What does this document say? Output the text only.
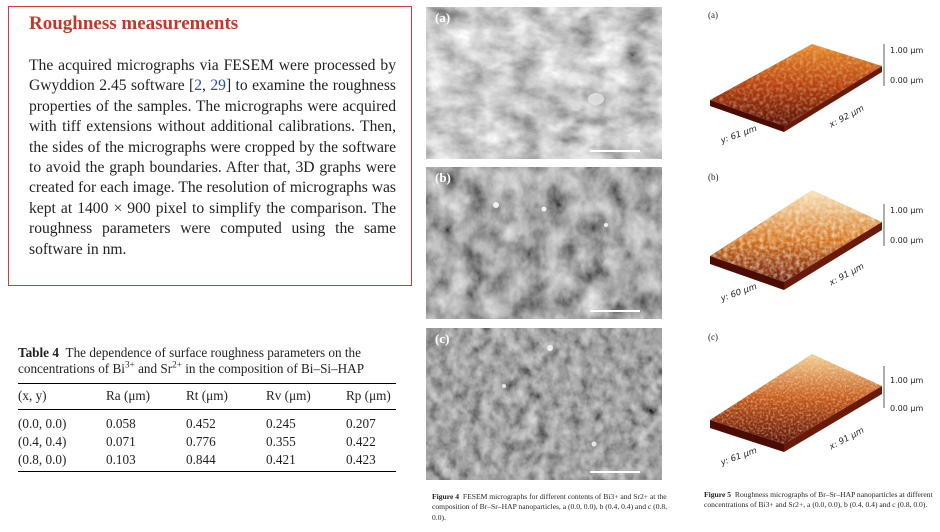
Roughness measurements
The acquired micrographs via FESEM were processed by Gwyddion 2.45 software [2, 29] to examine the roughness properties of the samples. The micrographs were acquired with tiff extensions without additional calibrations. Then, the sides of the micrographs were cropped by the software to avoid the graph boundaries. After that, 3D graphs were created for each image. The resolution of micrographs was kept at 1400 × 900 pixel to simplify the comparison. The roughness parameters were computed using the same software in nm.
Table 4 The dependence of surface roughness parameters on the concentrations of $Bi^{3+}$ and $Sr^{2+}$ in the composition of Bi–Si–HAP
(x, y)	Ra (μm)	Rt (μm)	Rv (μm)	Rp (μm)
(0.0, 0.0)	0.058	0.452	0.245	0.207
(0.4, 0.4)	0.071	0.776	0.355	0.422
(0.8, 0.0)	0.103	0.844	0.421	0.423
(a)
(b)
(c)
Figure 4 FESEM micrographs for different contents of Bi3+ and Sr2+ at the composition of Br–Sr–HAP nanoparticles, a (0.0, 0.0), b (0.4, 0.4) and c (0.8, 0.0).
(a)
1.00 μm
0.00 μm
y: 61 μm
x: 92 μm
(b)
1.00 μm
0.00 μm
y: 60 μm
x: 91 μm
(c)
1.00 μm
0.00 μm
y: 61 μm
x: 91 μm
Figure 5 Roughness micrographs of Br–Sr–HAP nanoparticles at different concentrations of Bi3+ and Sr2+, a (0.0, 0.0), b (0.4, 0.4) and c (0.8, 0.0).
